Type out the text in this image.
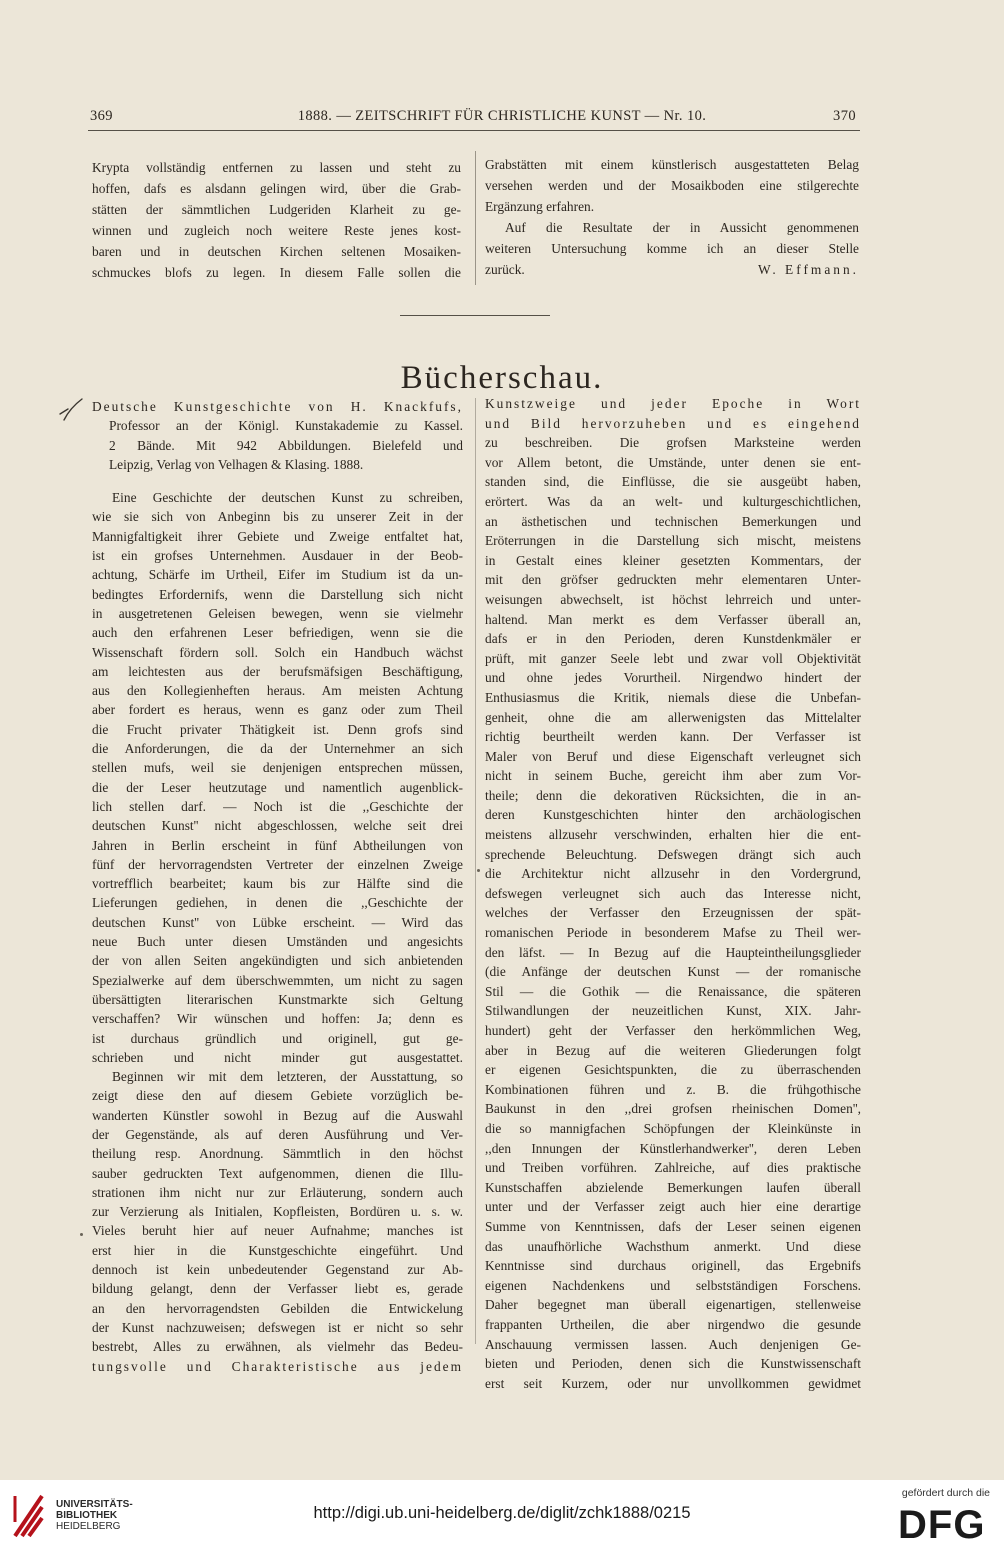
369	1888. — ZEITSCHRIFT FÜR CHRISTLICHE KUNST — Nr. 10.	370
Krypta vollständig entfernen zu lassen und steht zu
hoffen, dafs es alsdann gelingen wird, über die Grab-
stätten der sämmtlichen Ludgeriden Klarheit zu ge-
winnen und zugleich noch weitere Reste jenes kost-
baren und in deutschen Kirchen seltenen Mosaiken-
schmuckes blofs zu legen. In diesem Falle sollen die
Grabstätten mit einem künstlerisch ausgestatteten Belag
versehen werden und der Mosaikboden eine stilgerechte
Ergänzung erfahren.
Auf die Resultate der in Aussicht genommenen
weiteren Untersuchung komme ich an dieser Stelle
zurück.	W. Effmann.
Bücherschau.
Deutsche Kunstgeschichte von H. Knackfufs,
Professor an der Königl. Kunstakademie zu Kassel.
2 Bände. Mit 942 Abbildungen. Bielefeld und
Leipzig, Verlag von Velhagen & Klasing. 1888.
Eine Geschichte der deutschen Kunst zu schreiben,
wie sie sich von Anbeginn bis zu unserer Zeit in der
Mannigfaltigkeit ihrer Gebiete und Zweige entfaltet hat,
ist ein grofses Unternehmen. Ausdauer in der Beob-
achtung, Schärfe im Urtheil, Eifer im Studium ist da un-
bedingtes Erfordernifs, wenn die Darstellung sich nicht
in ausgetretenen Geleisen bewegen, wenn sie vielmehr
auch den erfahrenen Leser befriedigen, wenn sie die
Wissenschaft fördern soll. Solch ein Handbuch wächst
am leichtesten aus der berufsmäfsigen Beschäftigung,
aus den Kollegienheften heraus. Am meisten Achtung
aber fordert es heraus, wenn es ganz oder zum Theil
die Frucht privater Thätigkeit ist. Denn grofs sind
die Anforderungen, die da der Unternehmer an sich
stellen mufs, weil sie denjenigen entsprechen müssen,
die der Leser heutzutage und namentlich augenblick-
lich stellen darf. — Noch ist die ,,Geschichte der
deutschen Kunst'' nicht abgeschlossen, welche seit drei
Jahren in Berlin erscheint in fünf Abtheilungen von
fünf der hervorragendsten Vertreter der einzelnen Zweige
vortrefflich bearbeitet; kaum bis zur Hälfte sind die
Lieferungen gediehen, in denen die ,,Geschichte der
deutschen Kunst'' von Lübke erscheint. — Wird das
neue Buch unter diesen Umständen und angesichts
der von allen Seiten angekündigten und sich anbietenden
Spezialwerke auf dem überschwemmten, um nicht zu sagen
übersättigten literarischen Kunstmarkte sich Geltung
verschaffen? Wir wünschen und hoffen: Ja; denn es
ist durchaus gründlich und originell, gut ge-
schrieben und nicht minder gut ausgestattet.
Beginnen wir mit dem letzteren, der Ausstattung, so
zeigt diese den auf diesem Gebiete vorzüglich be-
wanderten Künstler sowohl in Bezug auf die Auswahl
der Gegenstände, als auf deren Ausführung und Ver-
theilung resp. Anordnung. Sämmtlich in den höchst
sauber gedruckten Text aufgenommen, dienen die Illu-
strationen ihm nicht nur zur Erläuterung, sondern auch
zur Verzierung als Initialen, Kopfleisten, Bordüren u. s. w.
Vieles beruht hier auf neuer Aufnahme; manches ist
erst hier in die Kunstgeschichte eingeführt. Und
dennoch ist kein unbedeutender Gegenstand zur Ab-
bildung gelangt, denn der Verfasser liebt es, gerade
an den hervorragendsten Gebilden die Entwickelung
der Kunst nachzuweisen; defswegen ist er nicht so sehr
bestrebt, Alles zu erwähnen, als vielmehr das Bedeu-
tungsvolle und Charakteristische aus jedem
Kunstzweige und jeder Epoche in Wort
und Bild hervorzuheben und es eingehend
zu beschreiben. Die grofsen Marksteine werden
vor Allem betont, die Umstände, unter denen sie ent-
standen sind, die Einflüsse, die sie ausgeübt haben,
erörtert. Was da an welt- und kulturgeschichtlichen,
an ästhetischen und technischen Bemerkungen und
Eröterrungen in die Darstellung sich mischt, meistens
in Gestalt eines kleiner gesetzten Kommentars, der
mit den gröfser gedruckten mehr elementaren Unter-
weisungen abwechselt, ist höchst lehrreich und unter-
haltend. Man merkt es dem Verfasser überall an,
dafs er in den Perioden, deren Kunstdenkmäler er
prüft, mit ganzer Seele lebt und zwar voll Objektivität
und ohne jedes Vorurtheil. Nirgendwo hindert der
Enthusiasmus die Kritik, niemals diese die Unbefan-
genheit, ohne die am allerwenigsten das Mittelalter
richtig beurtheilt werden kann. Der Verfasser ist
Maler von Beruf und diese Eigenschaft verleugnet sich
nicht in seinem Buche, gereicht ihm aber zum Vor-
theile; denn die dekorativen Rücksichten, die in an-
deren Kunstgeschichten hinter den archäologischen
meistens allzusehr verschwinden, erhalten hier die ent-
sprechende Beleuchtung. Defswegen drängt sich auch
die Architektur nicht allzusehr in den Vordergrund,
defswegen verleugnet sich auch das Interesse nicht,
welches der Verfasser den Erzeugnissen der spät-
romanischen Periode in besonderem Mafse zu Theil wer-
den läfst. — In Bezug auf die Haupteintheilungsglieder
(die Anfänge der deutschen Kunst — der romanische
Stil — die Gothik — die Renaissance, die späteren
Stilwandlungen der neuzeitlichen Kunst, XIX. Jahr-
hundert) geht der Verfasser den herkömmlichen Weg,
aber in Bezug auf die weiteren Gliederungen folgt
er eigenen Gesichtspunkten, die zu überraschenden
Kombinationen führen und z. B. die frühgothische
Baukunst in den ,,drei grofsen rheinischen Domen'',
die so mannigfachen Schöpfungen der Kleinkünste in
,,den Innungen der Künstlerhandwerker'', deren Leben
und Treiben vorführen. Zahlreiche, auf dies praktische
Kunstschaffen abzielende Bemerkungen laufen überall
unter und der Verfasser zeigt auch hier eine derartige
Summe von Kenntnissen, dafs der Leser seinen eigenen
das unaufhörliche Wachsthum anmerkt. Und diese
Kenntnisse sind durchaus originell, das Ergebnifs
eigenen Nachdenkens und selbstständigen Forschens.
Daher begegnet man überall eigenartigen, stellenweise
frappanten Urtheilen, die aber nirgendwo die gesunde
Anschauung vermissen lassen. Auch denjenigen Ge-
bieten und Perioden, denen sich die Kunstwissenschaft
erst seit Kurzem, oder nur unvollkommen gewidmet
UNIVERSITÄTS-
BIBLIOTHEK
HEIDELBERG
http://digi.ub.uni-heidelberg.de/diglit/zchk1888/0215
gefördert durch die
DFG
